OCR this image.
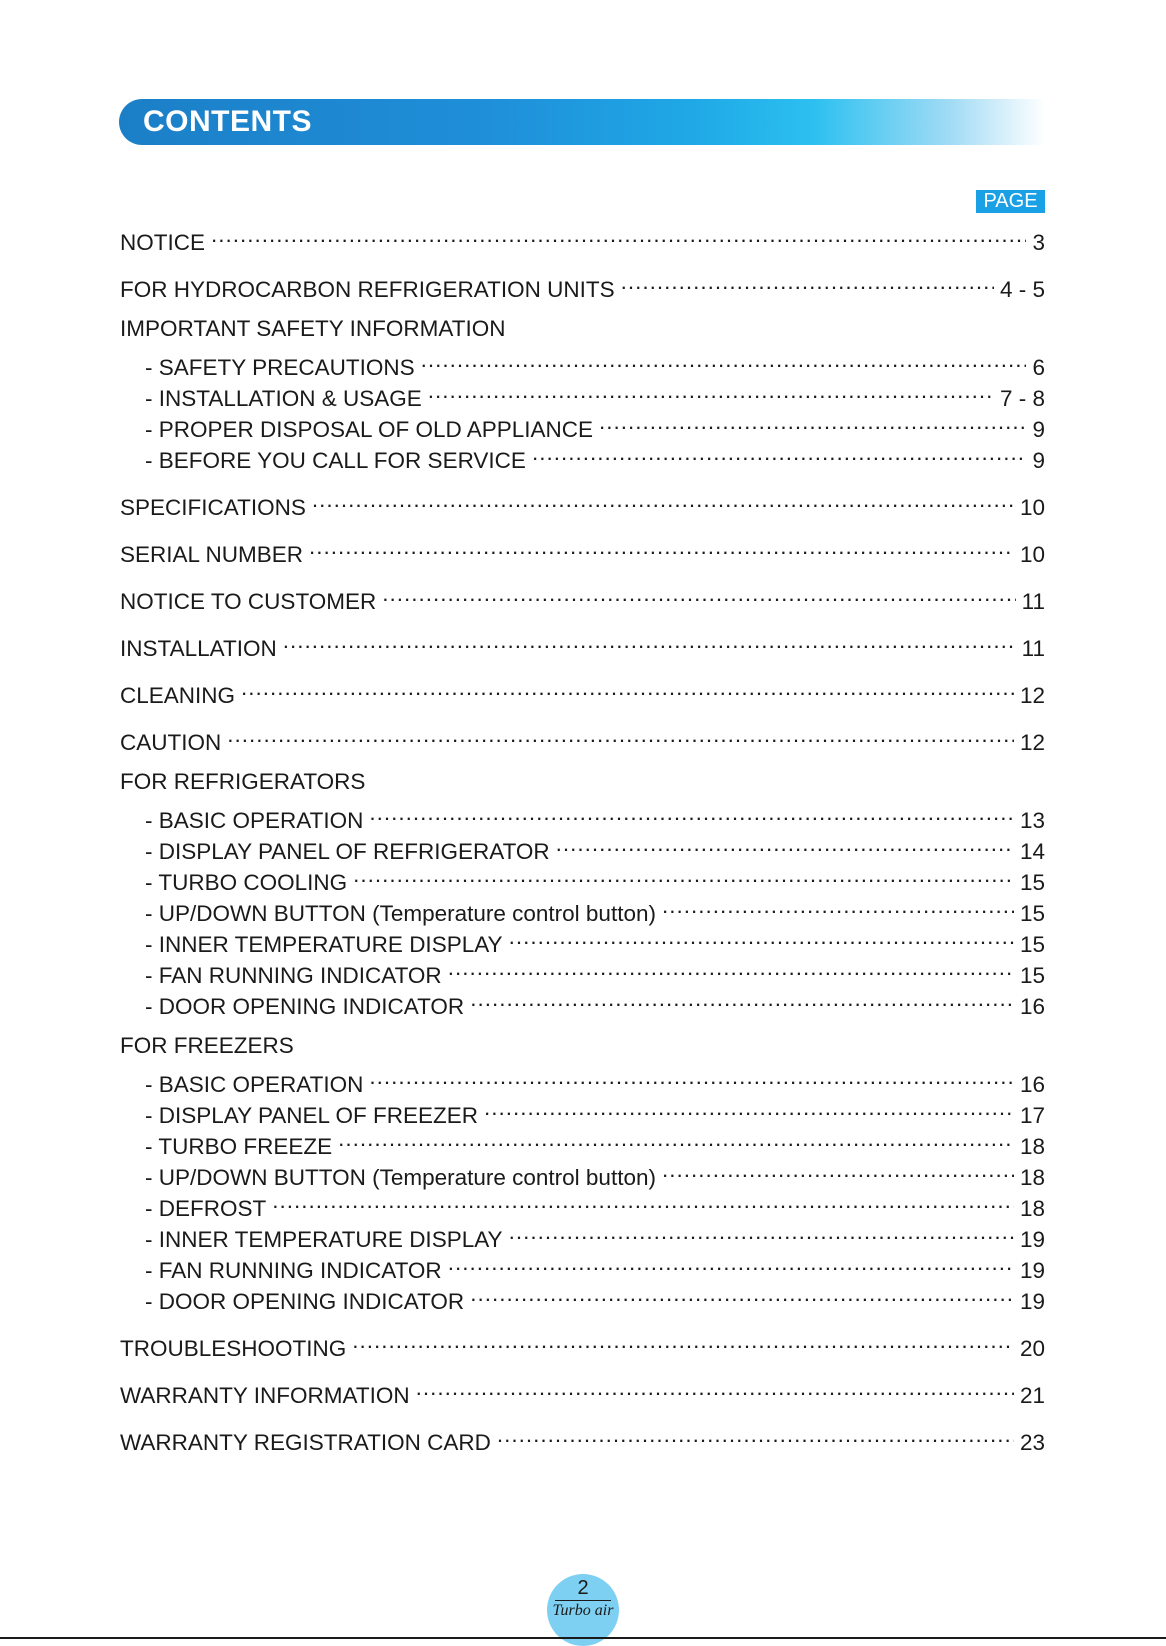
CONTENTS
PAGE
NOTICE .....	3
FOR HYDROCARBON REFRIGERATION UNITS .....	4 - 5
IMPORTANT SAFETY INFORMATION
- SAFETY PRECAUTIONS .....	6
- INSTALLATION & USAGE .....	7 - 8
- PROPER DISPOSAL OF OLD APPLIANCE .....	9
- BEFORE YOU CALL FOR SERVICE .....	9
SPECIFICATIONS .....	10
SERIAL NUMBER .....	10
NOTICE TO CUSTOMER .....	11
INSTALLATION .....	11
CLEANING .....	12
CAUTION .....	12
FOR REFRIGERATORS
- BASIC OPERATION .....	13
- DISPLAY PANEL OF REFRIGERATOR .....	14
- TURBO COOLING .....	15
- UP/DOWN BUTTON (Temperature control button) .....	15
- INNER TEMPERATURE DISPLAY .....	15
- FAN RUNNING INDICATOR .....	15
- DOOR OPENING INDICATOR .....	16
FOR FREEZERS
- BASIC OPERATION .....	16
- DISPLAY PANEL OF FREEZER .....	17
- TURBO FREEZE .....	18
- UP/DOWN BUTTON (Temperature control button) .....	18
- DEFROST .....	18
- INNER TEMPERATURE DISPLAY .....	19
- FAN RUNNING INDICATOR .....	19
- DOOR OPENING INDICATOR .....	19
TROUBLESHOOTING .....	20
WARRANTY INFORMATION .....	21
WARRANTY REGISTRATION CARD .....	23
2
Turbo air
